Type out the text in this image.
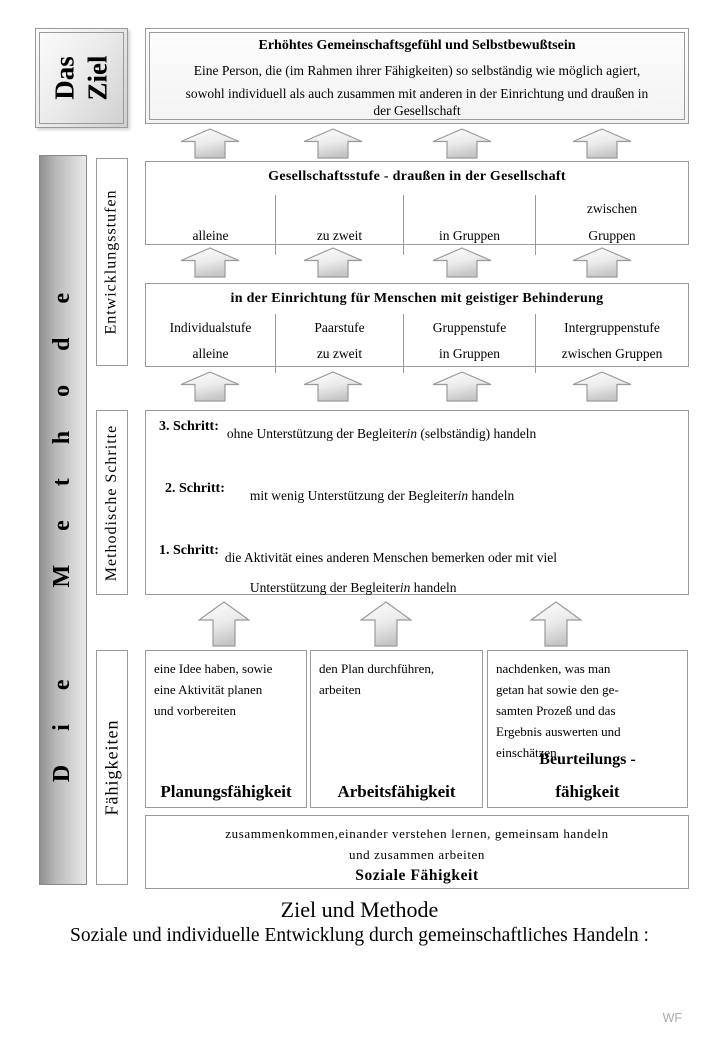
Das Ziel
Erhöhtes Gemeinschaftsgefühl und Selbstbewußtsein
Eine Person, die (im Rahmen ihrer Fähigkeiten) so selbständig wie möglich agiert,
sowohl individuell als auch zusammen mit anderen in der Einrichtung und draußen in
der Gesellschaft
Gesellschaftsstufe - draußen in der Gesellschaft
alleine	zu zweit	in Gruppen
zwischen
Gruppen
in der Einrichtung für Menschen mit geistiger Behinderung
Individualstufe
alleine
Paarstufe
zu zweit
Gruppenstufe
in Gruppen
Intergruppenstufe
zwischen Gruppen
3. Schritt: ohne Unterstützung der Begleiterin (selbständig) handeln
2. Schritt: mit wenig Unterstützung der Begleiterin handeln
1. Schritt: die Aktivität eines anderen Menschen bemerken oder mit viel
Unterstützung der Begleiterin handeln
eine Idee haben, sowie
eine Aktivität planen
und vorbereiten
Planungsfähigkeit
den Plan durchführen,
arbeiten
Arbeitsfähigkeit
nachdenken, was man
getan hat sowie den ge-
samten Prozeß und das
Ergebnis auswerten und
einschätzen
Beurteilungs -
fähigkeit
zusammenkommen,einander verstehen lernen, gemeinsam handeln
und zusammen arbeiten
Soziale Fähigkeit
Die Methode Entwicklungsstufen
Methodische Schritte
Fähigkeiten
Ziel und Methode
Soziale und individuelle Entwicklung durch gemeinschaftliches Handeln :
WF
